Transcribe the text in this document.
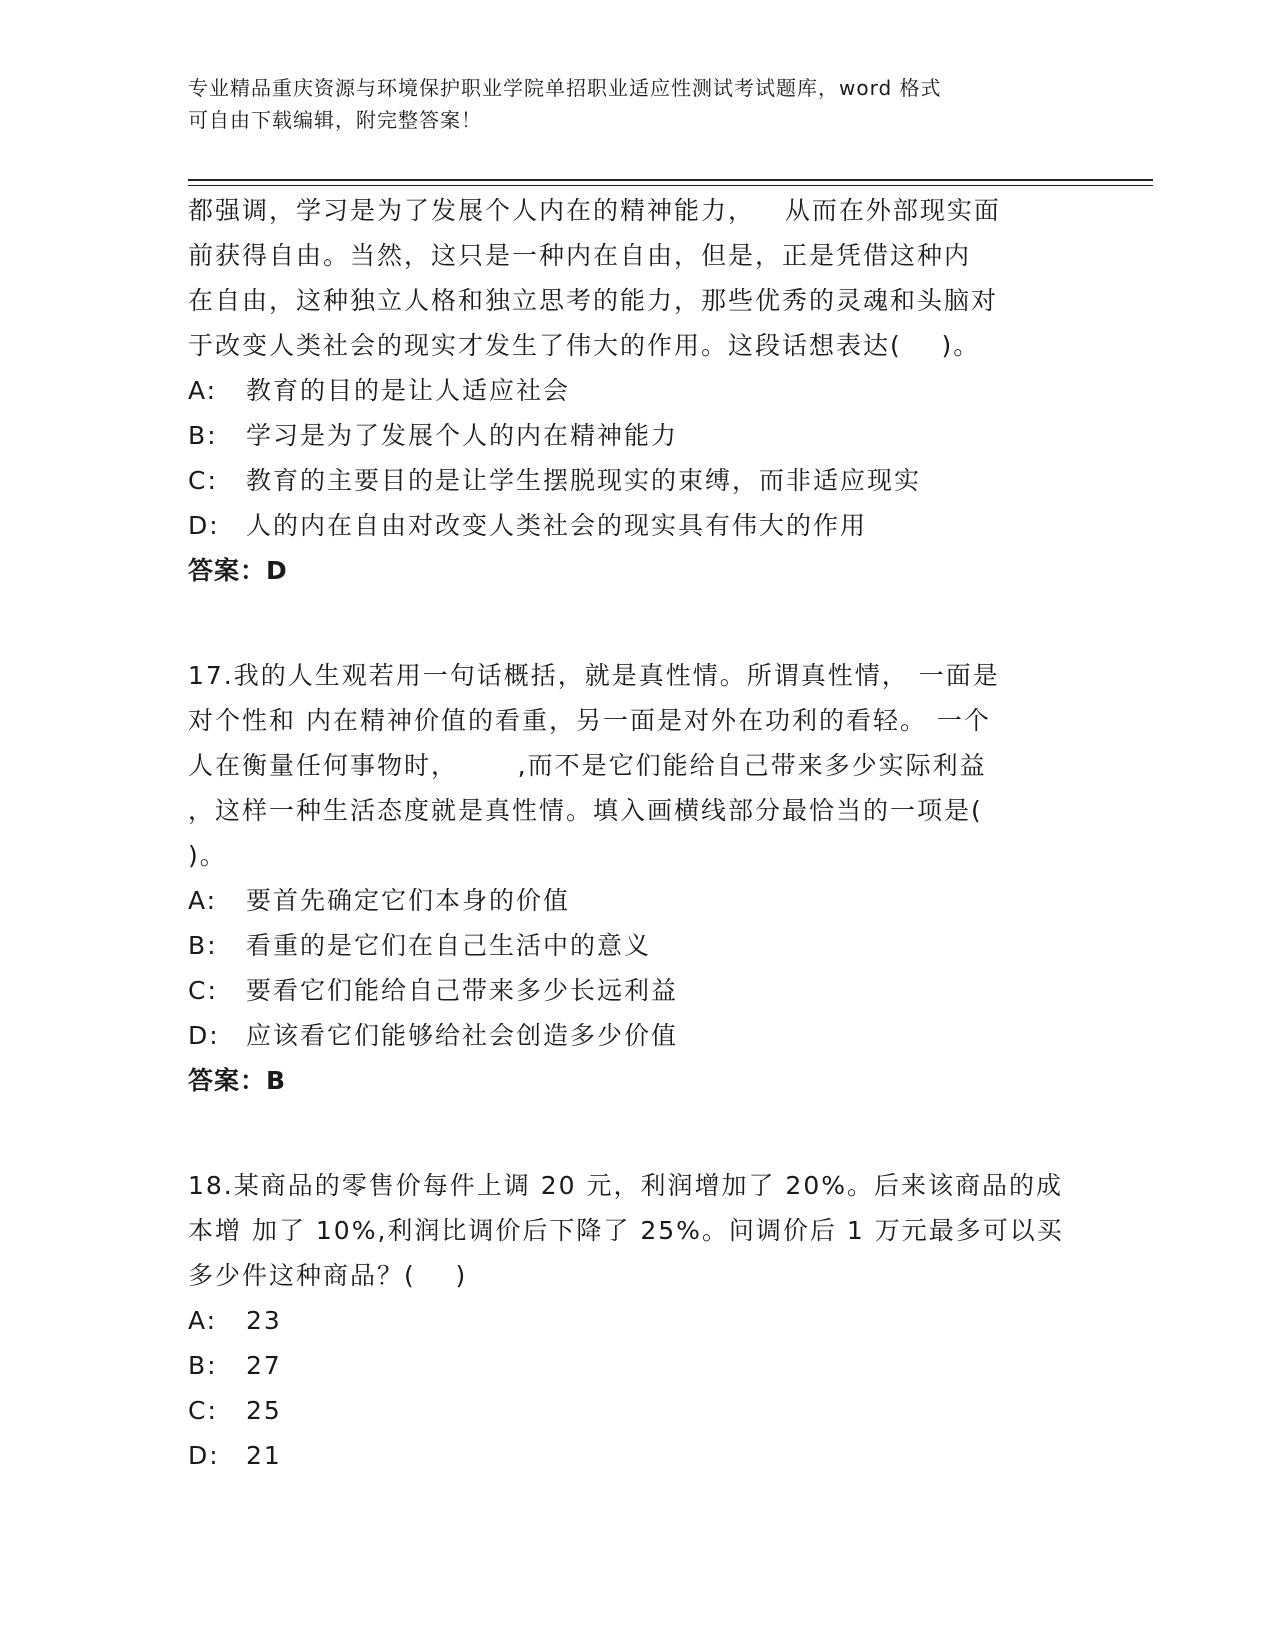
专业精品重庆资源与环境保护职业学院单招职业适应性测试考试题库，word 格式
可自由下载编辑，附完整答案！
都强调，学习是为了发展个人内在的精神能力，   从而在外部现实面
前获得自由。当然，这只是一种内在自由，但是，正是凭借这种内
在自由，这种独立人格和独立思考的能力，那些优秀的灵魂和头脑对
于改变人类社会的现实才发生了伟大的作用。这段话想表达(    )。
A:	教育的目的是让人适应社会
B:	学习是为了发展个人的内在精神能力
C:	教育的主要目的是让学生摆脱现实的束缚，而非适应现实
D:	人的内在自由对改变人类社会的现实具有伟大的作用
答案：D
17.我的人生观若用一句话概括，就是真性情。所谓真性情， 一面是
对个性和 内在精神价值的看重，另一面是对外在功利的看轻。 一个
人在衡量任何事物时，      ,而不是它们能给自己带来多少实际利益
，这样一种生活态度就是真性情。填入画横线部分最恰当的一项是(
)。
A:	要首先确定它们本身的价值
B:	看重的是它们在自己生活中的意义
C:	要看它们能给自己带来多少长远利益
D:	应该看它们能够给社会创造多少价值
答案：B
18.某商品的零售价每件上调 20 元，利润增加了 20%。后来该商品的成
本增 加了 10%,利润比调价后下降了 25%。问调价后 1 万元最多可以买
多少件这种商品？(    )
A:	23
B:	27
C:	25
D:	21
